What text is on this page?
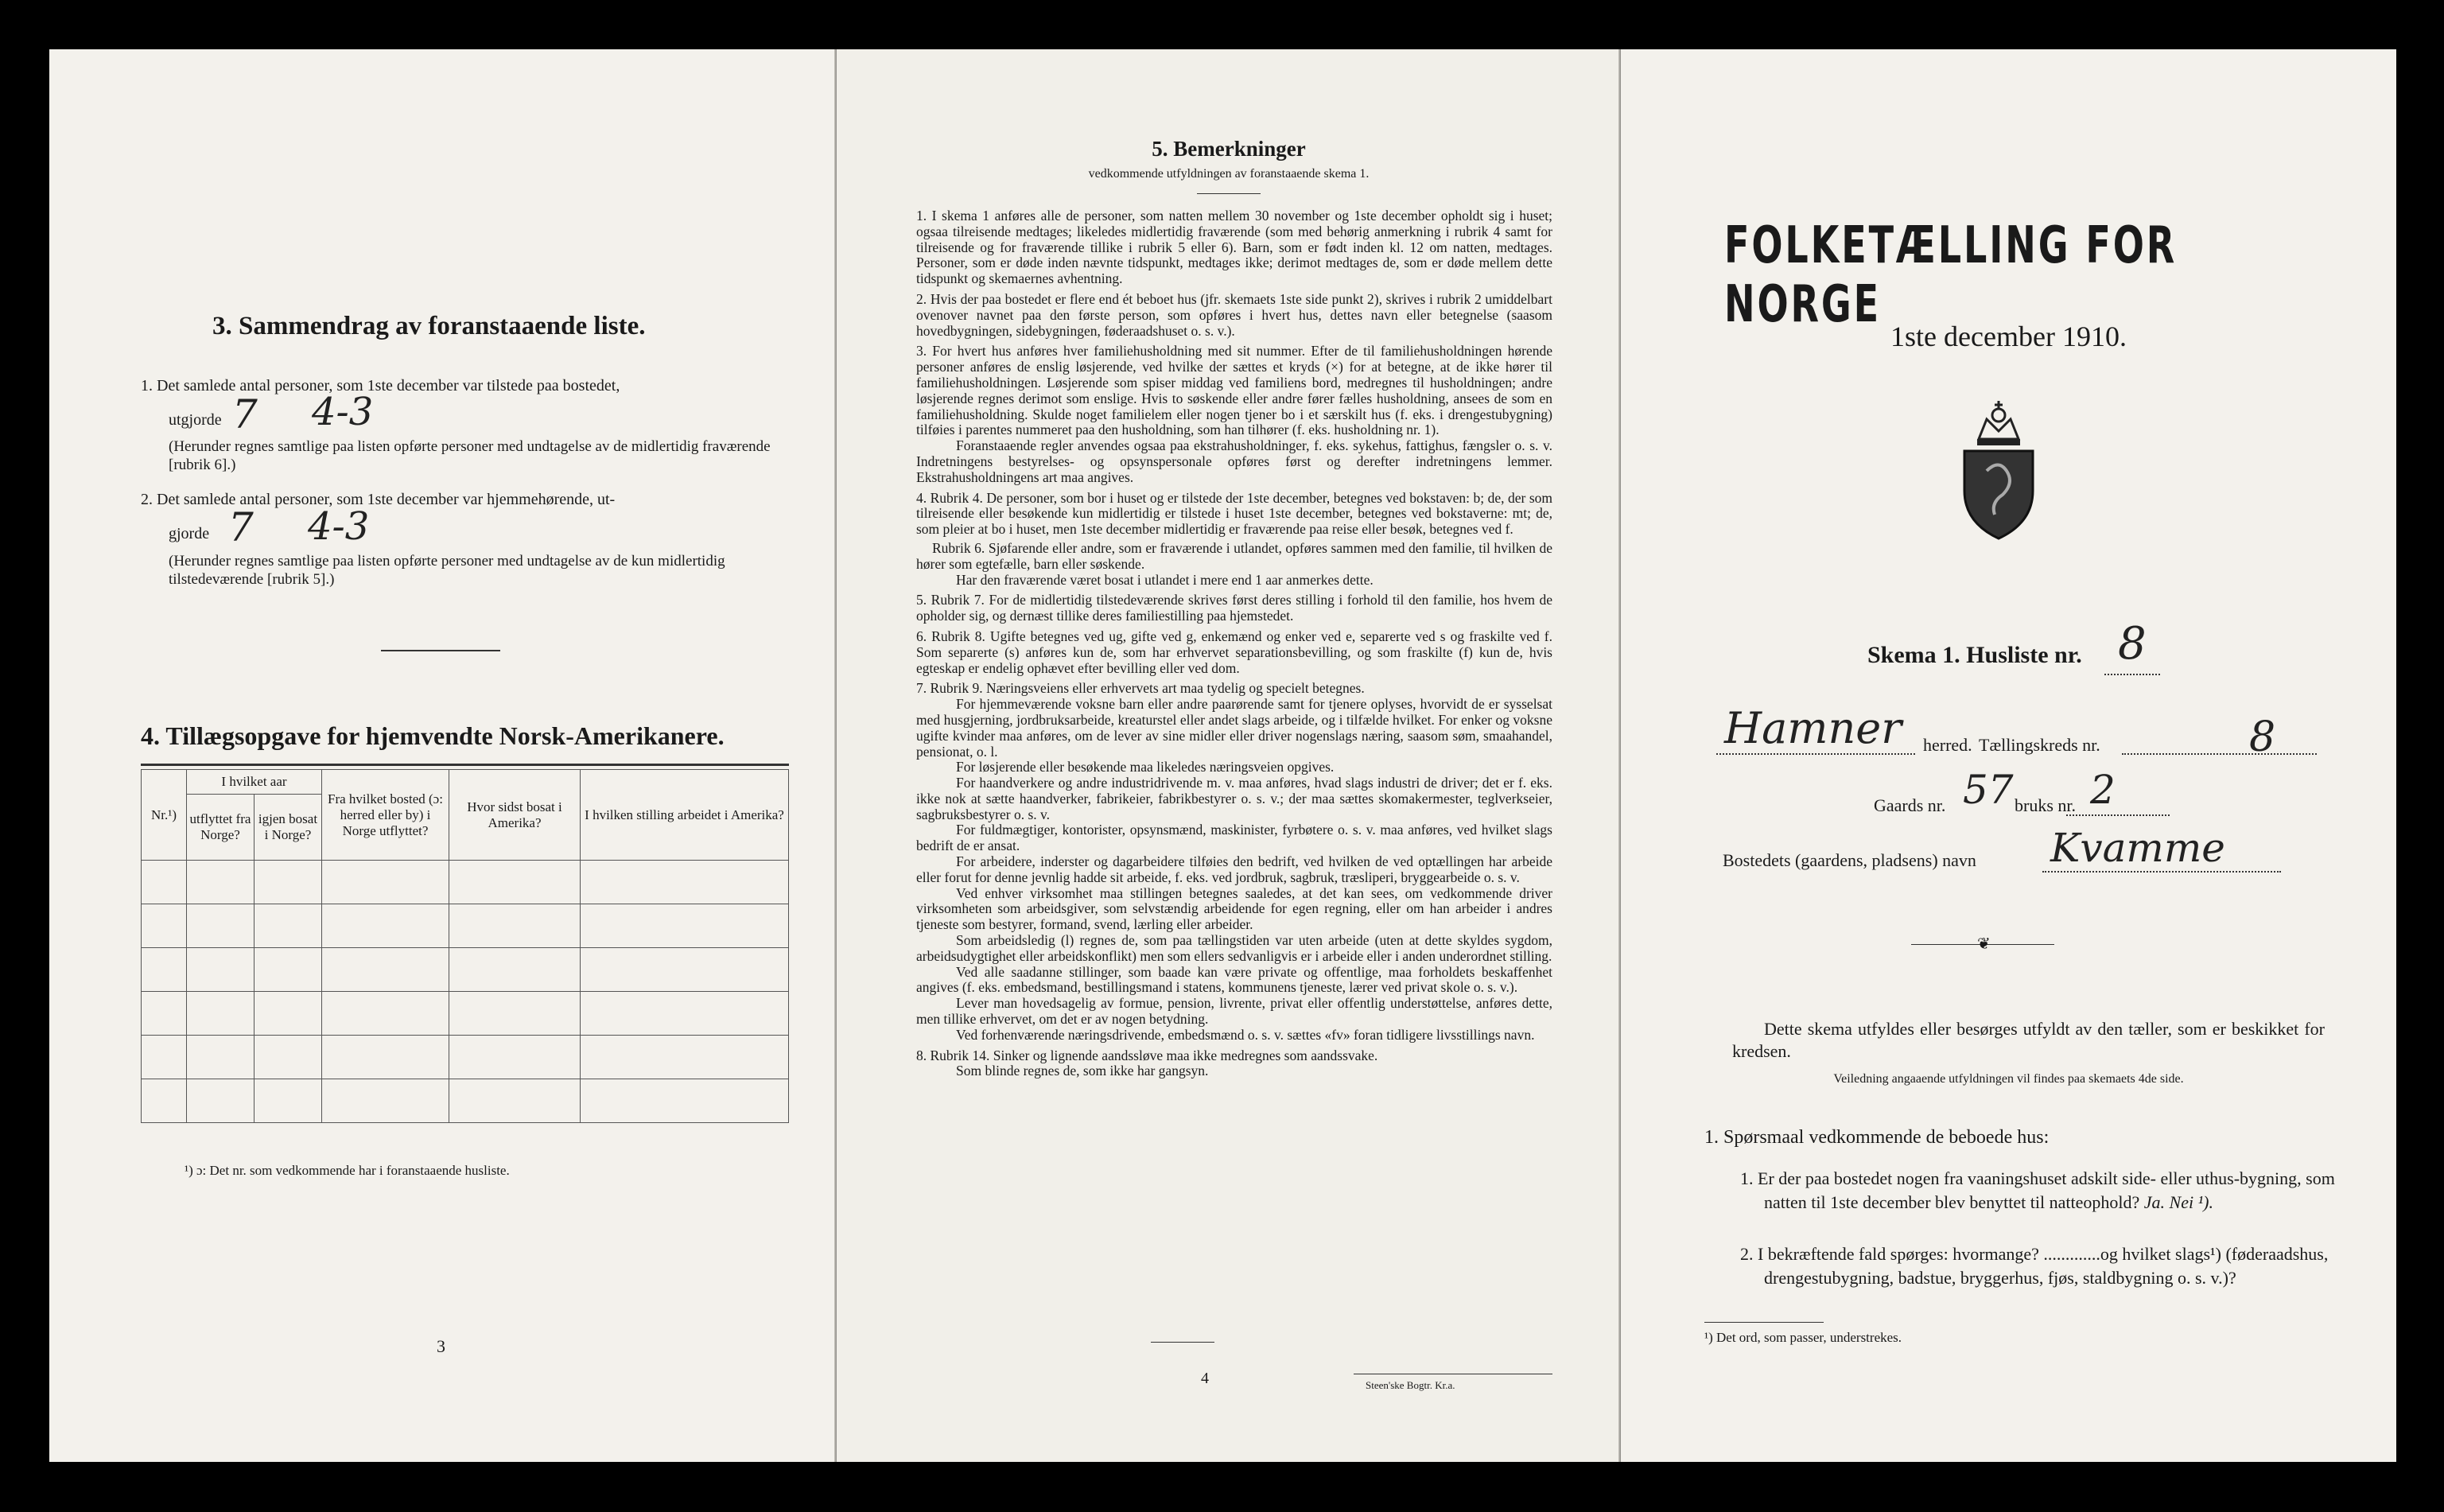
3. Sammendrag av foranstaaende liste.
1. Det samlede antal personer, som 1ste december var tilstede paa bostedet,
utgjorde 7 4-3
(Herunder regnes samtlige paa listen opførte personer med undtagelse av de midlertidig fraværende [rubrik 6].)
2. Det samlede antal personer, som 1ste december var hjemmehørende, ut-
gjorde 7 4-3
(Herunder regnes samtlige paa listen opførte personer med undtagelse av de kun midlertidig tilstedeværende [rubrik 5].)
4. Tillægsopgave for hjemvendte Norsk-Amerikanere.
Nr.¹)	I hvilket aar		Fra hvilket bosted (ɔ: herred eller by) i Norge utflyttet?	Hvor sidst bosat i Amerika?	I hvilken stilling arbeidet i Amerika?
	utflyttet fra Norge?	igjen bosat i Norge?			

¹) ɔ: Det nr. som vedkommende har i foranstaaende husliste.
3
5. Bemerkninger
vedkommende utfyldningen av foranstaaende skema 1.

1. I skema 1 anføres alle de personer, som natten mellem 30 november og 1ste december opholdt sig i huset; ogsaa tilreisende medtages; likeledes midlertidig fraværende (som med behørig anmerkning i rubrik 4 samt for tilreisende og for fraværende tillike i rubrik 5 eller 6). Barn, som er født inden kl. 12 om natten, medtages. Personer, som er døde inden nævnte tidspunkt, medtages ikke; derimot medtages de, som er døde mellem dette tidspunkt og skemaernes avhentning.

2. Hvis der paa bostedet er flere end ét beboet hus (jfr. skemaets 1ste side punkt 2), skrives i rubrik 2 umiddelbart ovenover navnet paa den første person, som opføres i hvert hus, dettes navn eller betegnelse (saasom hovedbygningen, sidebygningen, føderaadshuset o. s. v.).

3. For hvert hus anføres hver familiehusholdning med sit nummer. Efter de til familiehusholdningen hørende personer anføres de enslig løsjerende, ved hvilke der sættes et kryds (×) for at betegne, at de ikke hører til familiehusholdningen. Løsjerende som spiser middag ved familiens bord, medregnes til husholdningen; andre løsjerende regnes derimot som enslige. Hvis to søskende eller andre fører fælles husholdning, ansees de som en familiehusholdning. Skulde noget familielem eller nogen tjener bo i et særskilt hus (f. eks. i drengestubygning) tilføies i parentes nummeret paa den husholdning, som han tilhører (f. eks. husholdning nr. 1).

Foranstaaende regler anvendes ogsaa paa ekstrahusholdninger, f. eks. sykehus, fattighus, fængsler o. s. v. Indretningens bestyrelses- og opsynspersonale opføres først og derefter indretningens lemmer. Ekstrahusholdningens art maa angives.

4. Rubrik 4. De personer, som bor i huset og er tilstede der 1ste december, betegnes ved bokstaven: b; de, der som tilreisende eller besøkende kun midlertidig er tilstede i huset 1ste december, betegnes ved bokstaverne: mt; de, som pleier at bo i huset, men 1ste december midlertidig er fraværende paa reise eller besøk, betegnes ved f.

Rubrik 6. Sjøfarende eller andre, som er fraværende i utlandet, opføres sammen med den familie, til hvilken de hører som egtefælle, barn eller søskende.

Har den fraværende været bosat i utlandet i mere end 1 aar anmerkes dette.

5. Rubrik 7. For de midlertidig tilstedeværende skrives først deres stilling i forhold til den familie, hos hvem de opholder sig, og dernæst tillike deres familiestilling paa hjemstedet.

6. Rubrik 8. Ugifte betegnes ved ug, gifte ved g, enkemænd og enker ved e, separerte ved s og fraskilte ved f. Som separerte (s) anføres kun de, som har erhvervet separationsbevilling, og som fraskilte (f) kun de, hvis egteskap er endelig ophævet efter bevilling eller ved dom.

7. Rubrik 9. Næringsveiens eller erhvervets art maa tydelig og specielt betegnes.

For hjemmeværende voksne barn eller andre paarørende samt for tjenere oplyses, hvorvidt de er sysselsat med husgjerning, jordbruksarbeide, kreaturstel eller andet slags arbeide, og i tilfælde hvilket. For enker og voksne ugifte kvinder maa anføres, om de lever av sine midler eller driver nogenslags næring, saasom søm, smaahandel, pensionat, o. l.

For løsjerende eller besøkende maa likeledes næringsveien opgives.

For haandverkere og andre industridrivende m. v. maa anføres, hvad slags industri de driver; det er f. eks. ikke nok at sætte haandverker, fabrikeier, fabrikbestyrer o. s. v.; der maa sættes skomakermester, teglverkseier, sagbruksbestyrer o. s. v.

For fuldmægtiger, kontorister, opsynsmænd, maskinister, fyrbøtere o. s. v. maa anføres, ved hvilket slags bedrift de er ansat.

For arbeidere, inderster og dagarbeidere tilføies den bedrift, ved hvilken de ved optællingen har arbeide eller forut for denne jevnlig hadde sit arbeide, f. eks. ved jordbruk, sagbruk, træsliperi, bryggearbeide o. s. v.

Ved enhver virksomhet maa stillingen betegnes saaledes, at det kan sees, om vedkommende driver virksomheten som arbeidsgiver, som selvstændig arbeidende for egen regning, eller om han arbeider i andres tjeneste som bestyrer, formand, svend, lærling eller arbeider.

Som arbeidsledig (l) regnes de, som paa tællingstiden var uten arbeide (uten at dette skyldes sygdom, arbeidsudygtighet eller arbeidskonflikt) men som ellers sedvanligvis er i arbeide eller i anden underordnet stilling.

Ved alle saadanne stillinger, som baade kan være private og offentlige, maa forholdets beskaffenhet angives (f. eks. embedsmand, bestillingsmand i statens, kommunens tjeneste, lærer ved privat skole o. s. v.).

Lever man hovedsagelig av formue, pension, livrente, privat eller offentlig understøttelse, anføres dette, men tillike erhvervet, om det er av nogen betydning.

Ved forhenværende næringsdrivende, embedsmænd o. s. v. sættes «fv» foran tidligere livsstillings navn.

8. Rubrik 14. Sinker og lignende aandssløve maa ikke medregnes som aandssvake.

Som blinde regnes de, som ikke har gangsyn.

4	Steen'ske Bogtr. Kr.a.
FOLKETÆLLING FOR NORGE
1ste december 1910.
Skema 1. Husliste nr. 8
Hamner herred. Tællingskreds nr.	8
Gaards nr. 57 bruks nr. 2
Bostedets (gaardens, pladsens) navn Kvamme
❦
Dette skema utfyldes eller besørges utfyldt av den tæller, som er beskikket for kredsen.
Veiledning angaaende utfyldningen vil findes paa skemaets 4de side.
1. Spørsmaal vedkommende de beboede hus:
1. Er der paa bostedet nogen fra vaaningshuset adskilt side- eller uthus-bygning, som natten til 1ste december blev benyttet til natteophold? Ja. Nei ¹).
2. I bekræftende fald spørges: hvormange? .............og hvilket slags¹) (føderaadshus, drengestubygning, badstue, bryggerhus, fjøs, staldbygning o. s. v.)?
¹) Det ord, som passer, understrekes.
